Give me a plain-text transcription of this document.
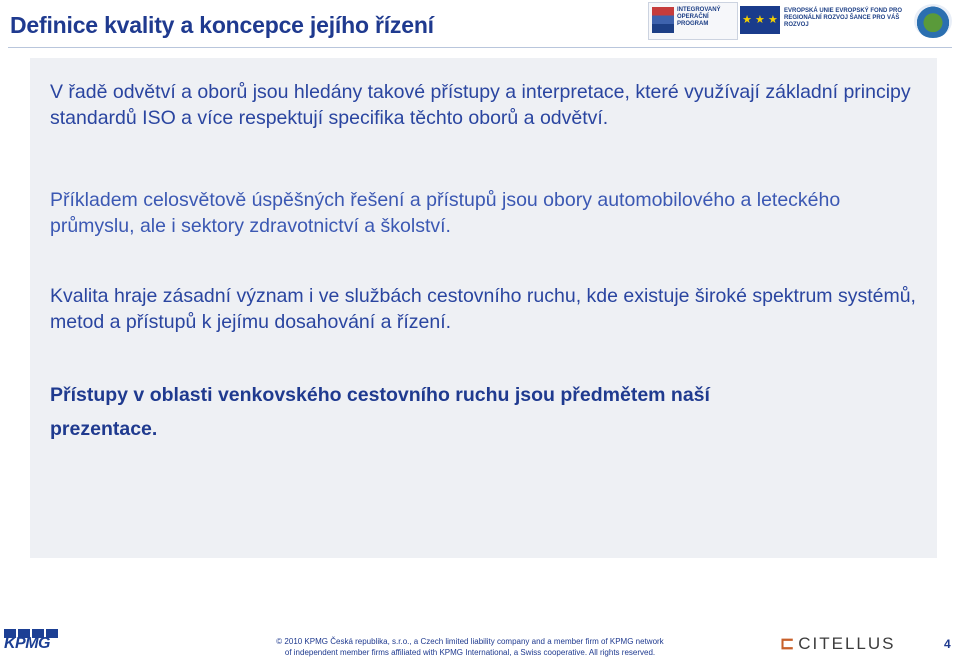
Definice kvality a koncepce jejího řízení
INTEGROVANÝ OPERAČNÍ PROGRAM	★ ★ ★
EVROPSKÁ UNIE EVROPSKÝ FOND PRO REGIONÁLNÍ ROZVOJ ŠANCE PRO VÁŠ ROZVOJ

V řadě odvětví a oborů jsou hledány takové přístupy a interpretace, které využívají základní principy standardů ISO a více respektují specifika těchto oborů a odvětví.

Příkladem celosvětově úspěšných řešení a přístupů jsou obory automobilového a leteckého průmyslu, ale i sektory zdravotnictví a školství.

Kvalita hraje zásadní význam i ve službách cestovního ruchu, kde existuje široké spektrum systémů, metod a přístupů k jejímu dosahování a řízení.

Přístupy v oblasti venkovského cestovního ruchu jsou předmětem naší
prezentace.

KPMG	© 2010 KPMG Česká republika, s.r.o., a Czech limited liability company and a member firm of KPMG network
of independent member firms affiliated with KPMG International, a Swiss cooperative. All rights reserved.	⊏ CITELLUS	4
